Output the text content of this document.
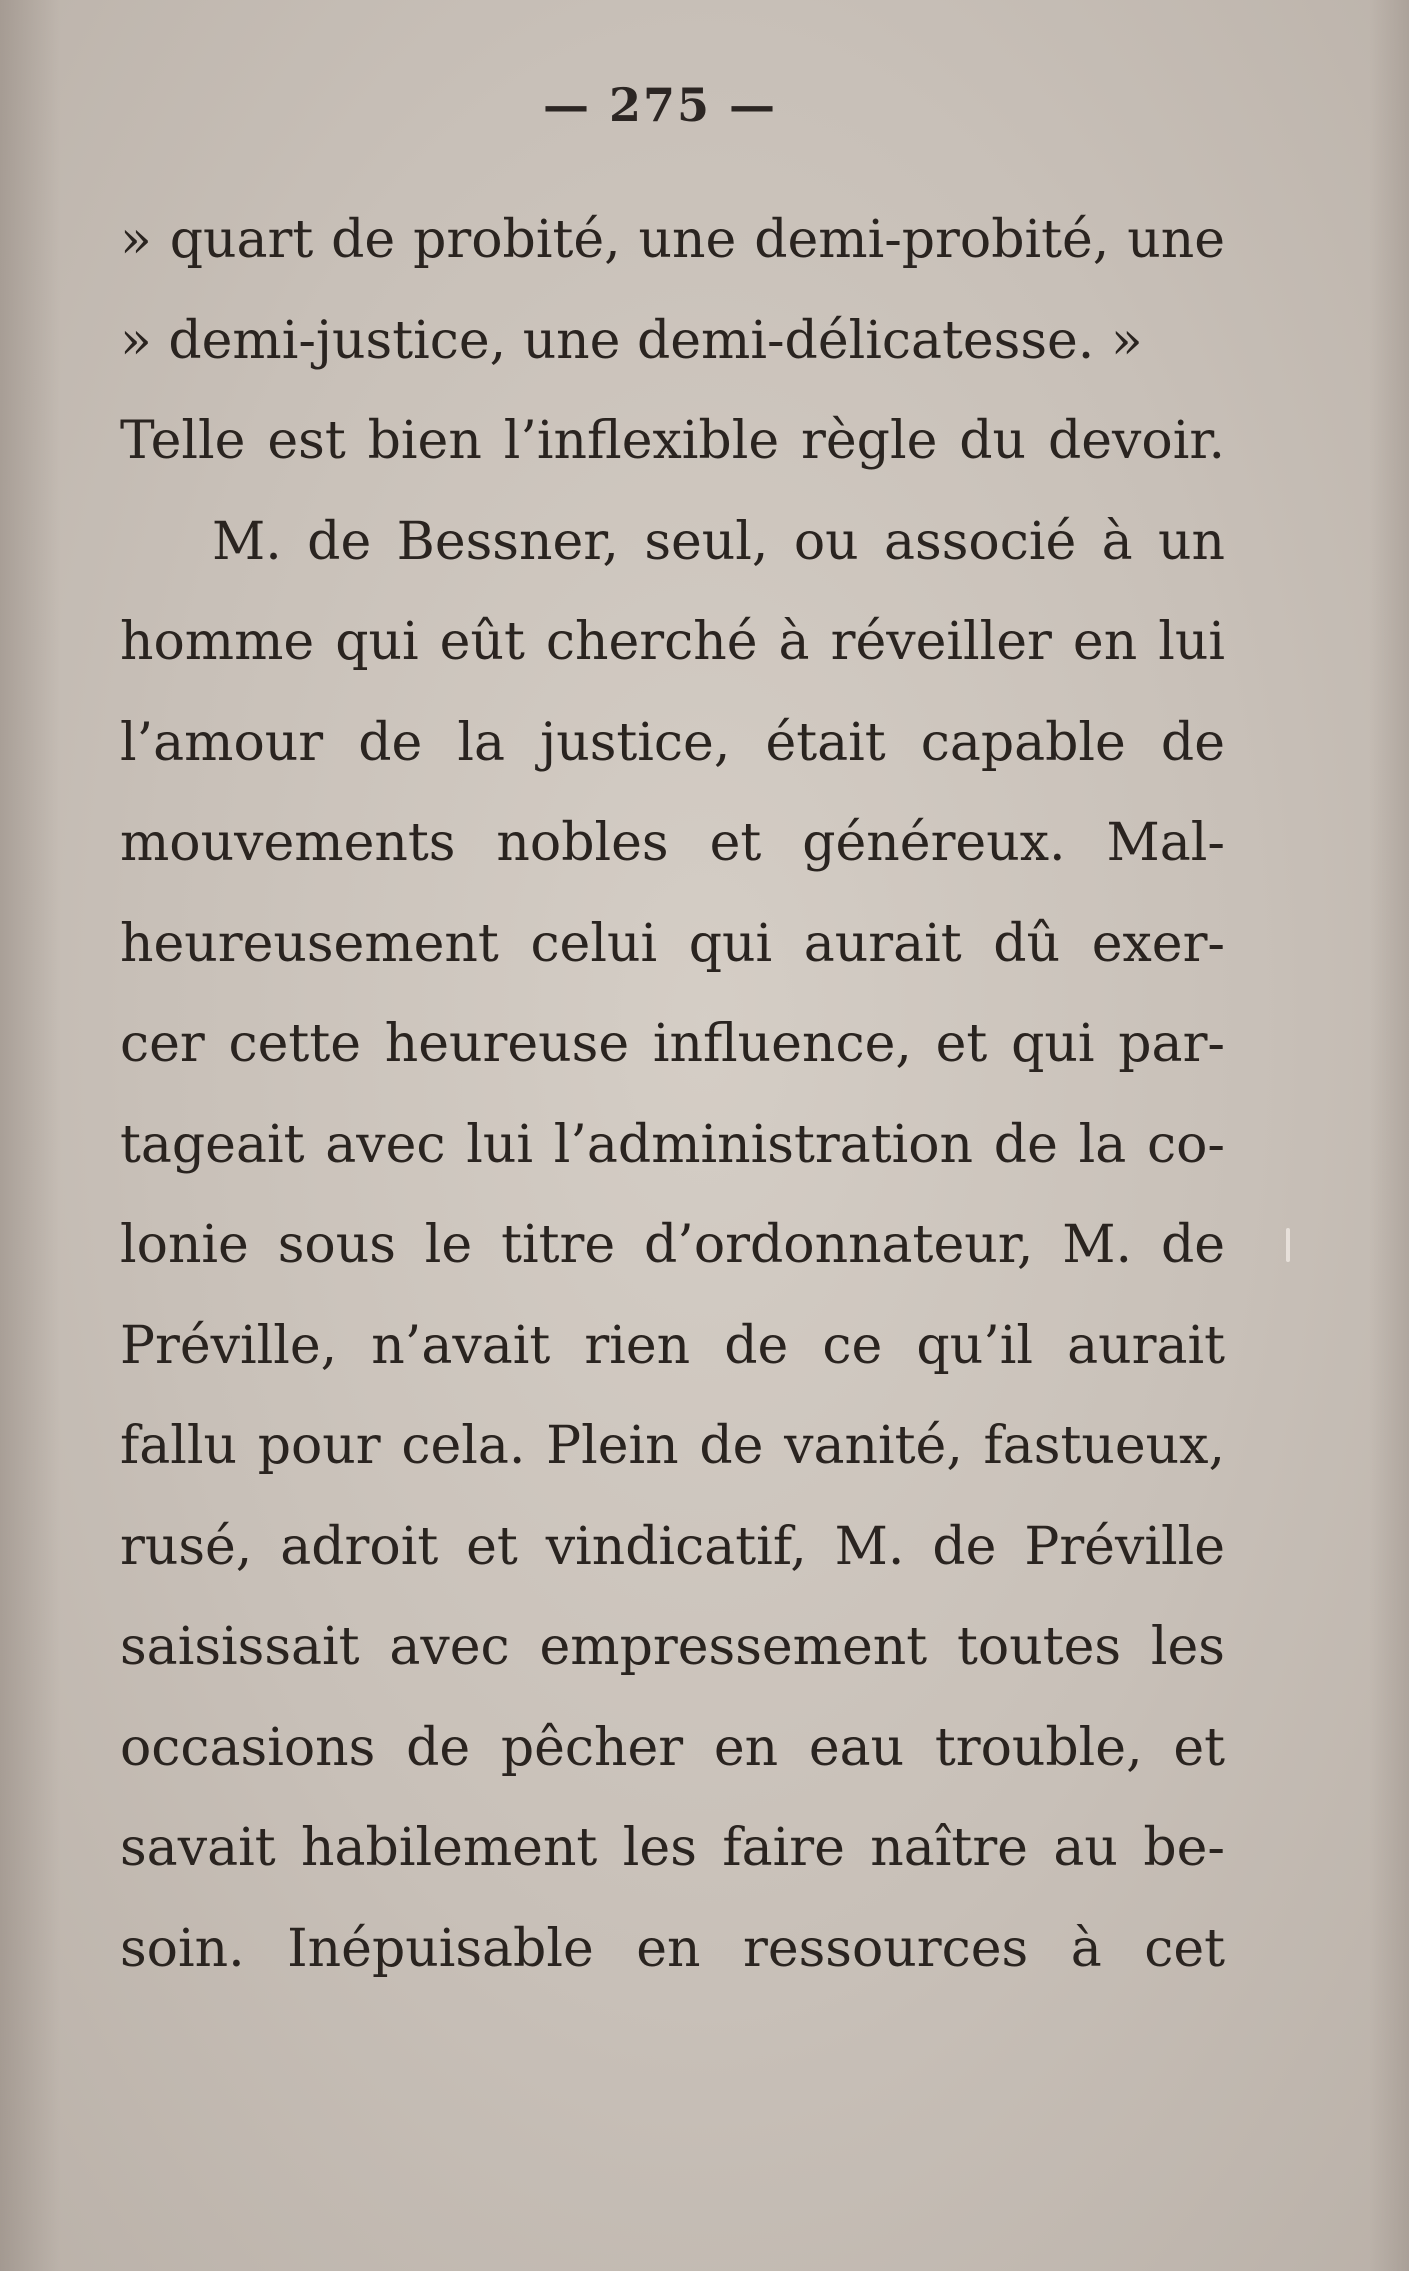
— 275 —
» quart de probité, une demi-probité, une
» demi-justice, une demi-délicatesse. »
Telle est bien l’inflexible règle du devoir.
M. de Bessner, seul, ou associé à un
homme qui eût cherché à réveiller en lui
l’amour de la justice, était capable de
mouvements nobles et généreux. Mal-
heureusement celui qui aurait dû exer-
cer cette heureuse influence, et qui par-
tageait avec lui l’administration de la co-
lonie sous le titre d’ordonnateur, M. de
Préville, n’avait rien de ce qu’il aurait
fallu pour cela. Plein de vanité, fastueux,
rusé, adroit et vindicatif, M. de Préville
saisissait avec empressement toutes les
occasions de pêcher en eau trouble, et
savait habilement les faire naître au be-
soin. Inépuisable en ressources à cet
